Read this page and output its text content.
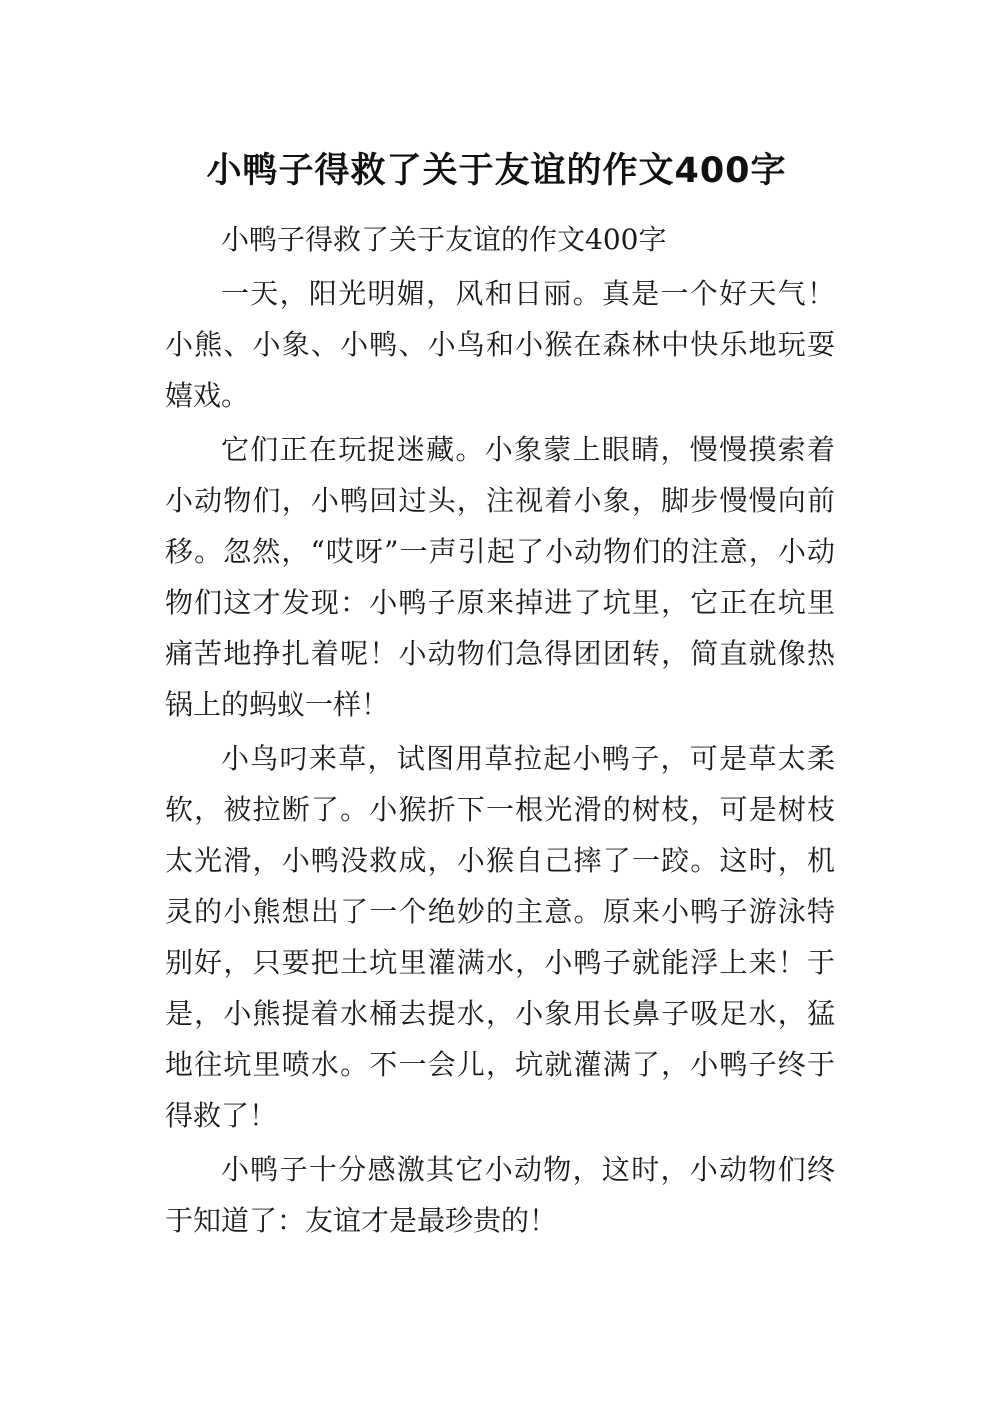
小鸭子得救了关于友谊的作文400字

小鸭子得救了关于友谊的作文400字

一天，阳光明媚，风和日丽。真是一个好天气！小熊、小象、小鸭、小鸟和小猴在森林中快乐地玩耍嬉戏。

它们正在玩捉迷藏。小象蒙上眼睛，慢慢摸索着小动物们，小鸭回过头，注视着小象，脚步慢慢向前移。忽然，“哎呀”一声引起了小动物们的注意，小动物们这才发现：小鸭子原来掉进了坑里，它正在坑里痛苦地挣扎着呢！小动物们急得团团转，简直就像热锅上的蚂蚁一样！

小鸟叼来草，试图用草拉起小鸭子，可是草太柔软，被拉断了。小猴折下一根光滑的树枝，可是树枝太光滑，小鸭没救成，小猴自己摔了一跤。这时，机灵的小熊想出了一个绝妙的主意。原来小鸭子游泳特别好，只要把土坑里灌满水，小鸭子就能浮上来！于是，小熊提着水桶去提水，小象用长鼻子吸足水，猛地往坑里喷水。不一会儿，坑就灌满了，小鸭子终于得救了！

小鸭子十分感激其它小动物，这时，小动物们终于知道了：友谊才是最珍贵的！
